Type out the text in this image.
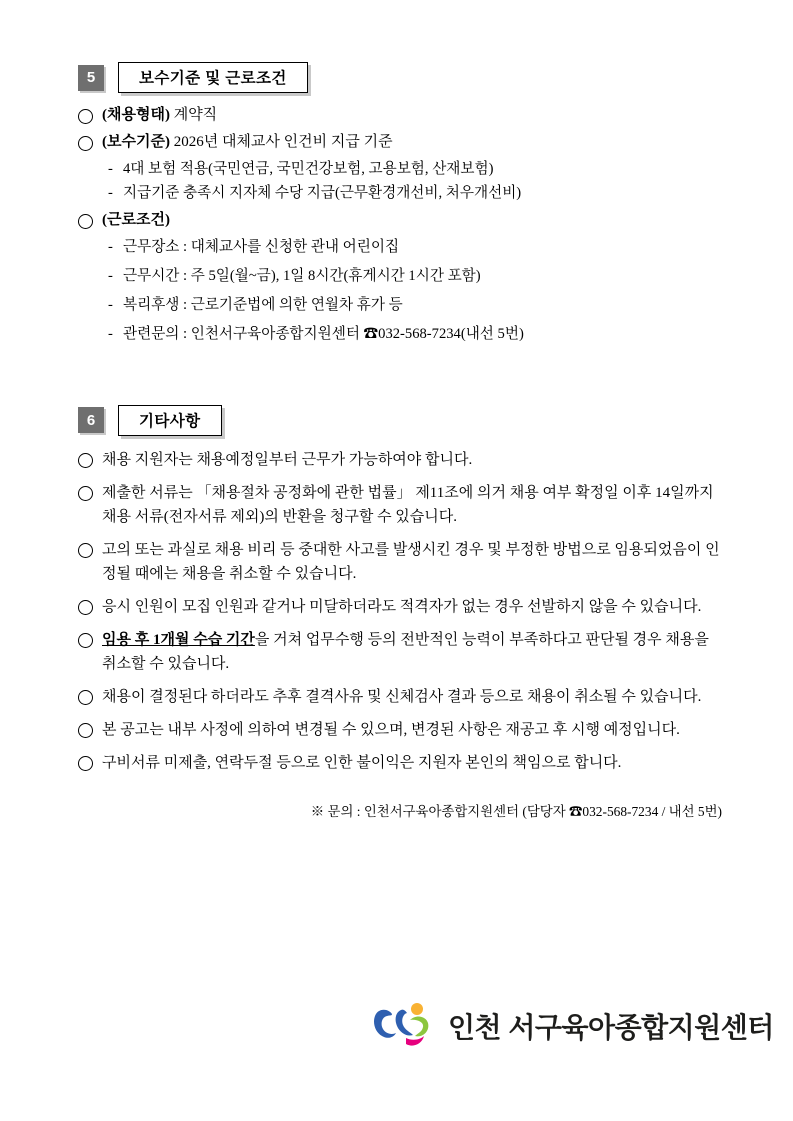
5	보수기준 및 근로조건
(채용형태) 계약직
(보수기준) 2026년 대체교사 인건비 지급 기준
- 4대 보험 적용(국민연금, 국민건강보험, 고용보험, 산재보험)
- 지급기준 충족시 지자체 수당 지급(근무환경개선비, 처우개선비)
(근로조건)
- 근무장소 : 대체교사를 신청한 관내 어린이집
- 근무시간 : 주 5일(월~금), 1일 8시간(휴게시간 1시간 포함)
- 복리후생 : 근로기준법에 의한 연월차 휴가 등
- 관련문의 : 인천서구육아종합지원센터 ☎032-568-7234(내선 5번)
6	기타사항
채용 지원자는 채용예정일부터 근무가 가능하여야 합니다.
제출한 서류는 「채용절차 공정화에 관한 법률」 제11조에 의거 채용 여부 확정일 이후 14일까지 채용 서류(전자서류 제외)의 반환을 청구할 수 있습니다.
고의 또는 과실로 채용 비리 등 중대한 사고를 발생시킨 경우 및 부정한 방법으로 임용되었음이 인정될 때에는 채용을 취소할 수 있습니다.
응시 인원이 모집 인원과 같거나 미달하더라도 적격자가 없는 경우 선발하지 않을 수 있습니다.
임용 후 1개월 수습 기간을 거쳐 업무수행 등의 전반적인 능력이 부족하다고 판단될 경우 채용을 취소할 수 있습니다.
채용이 결정된다 하더라도 추후 결격사유 및 신체검사 결과 등으로 채용이 취소될 수 있습니다.
본 공고는 내부 사정에 의하여 변경될 수 있으며, 변경된 사항은 재공고 후 시행 예정입니다.
구비서류 미제출, 연락두절 등으로 인한 불이익은 지원자 본인의 책임으로 합니다.
※ 문의 : 인천서구육아종합지원센터 (담당자 ☎032-568-7234 / 내선 5번)
인천 서구육아종합지원센터
